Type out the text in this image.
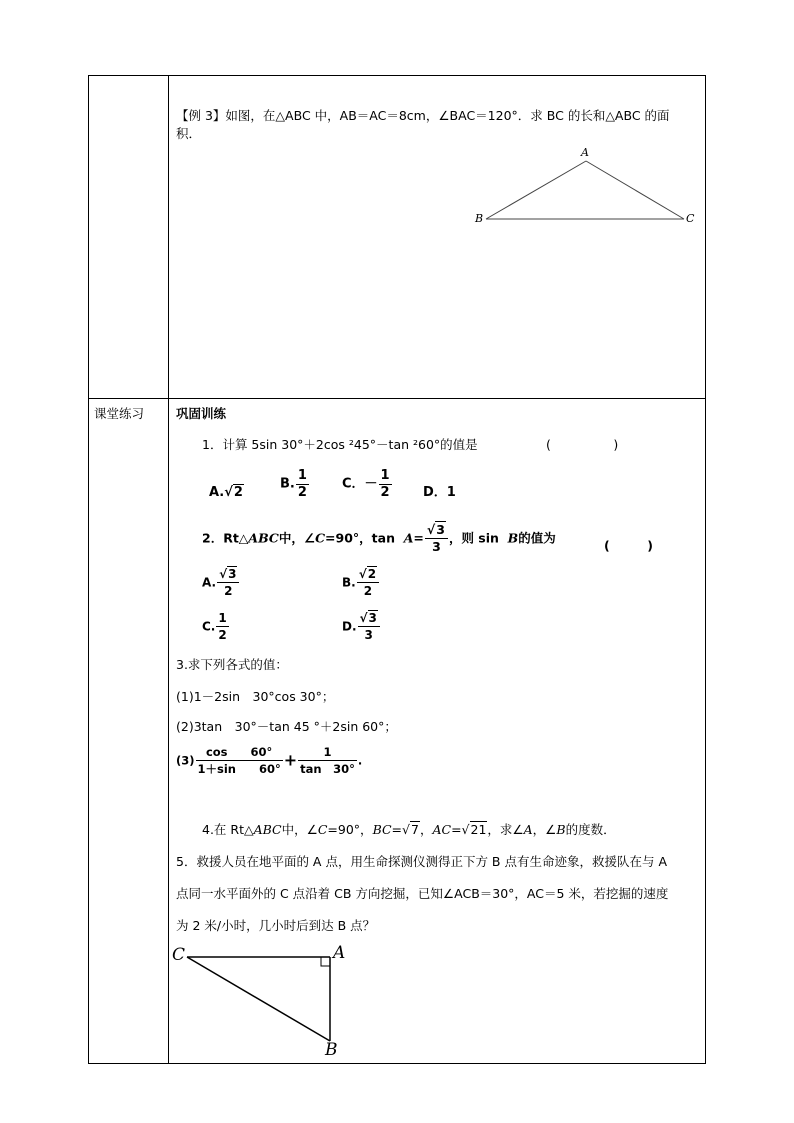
【例 3】如图，在△ABC 中，AB＝AC＝8cm，∠BAC＝120°．求 BC 的长和△ABC 的面
积．
A
B	C
课堂练习	巩固训练
1．计算 5sin 30°＋2cos ²45°－tan ²60°的值是	(　　　　　)
A.√2
B. $\frac{1}{2}$	C．－ $\frac{1}{2}$ D．1
2．Rt△ABC中，∠C=90°，$\tan A= \frac{√3}{3}$ ，则 sin B的值为	(　　　)
A. $\frac{√3}{2}$	B. $\frac{√2}{2}$
C. $\frac{1}{2}$	D. $\frac{√3}{3}$
3.求下列各式的值：
(1)1－2sin　30°cos 30°；
(2)3tan　30°－tan 45 °＋2sin 60°；
$(3) \frac{\cos 60^\circ}{1+\sin 60^\circ} + \frac{1}{\tan 30^\circ}$ .
4.在 Rt△ABC中，∠C=90°，BC=√7，AC=√21，求∠A，∠B的度数．
5．救援人员在地平面的 A 点，用生命探测仪测得正下方 B 点有生命迹象，救援队在与 A
点同一水平面外的 C 点沿着 CB 方向挖掘，已知∠ACB＝30°，AC＝5 米，若挖掘的速度
为 2 米/小时，几小时后到达 B 点？
C	A
B
